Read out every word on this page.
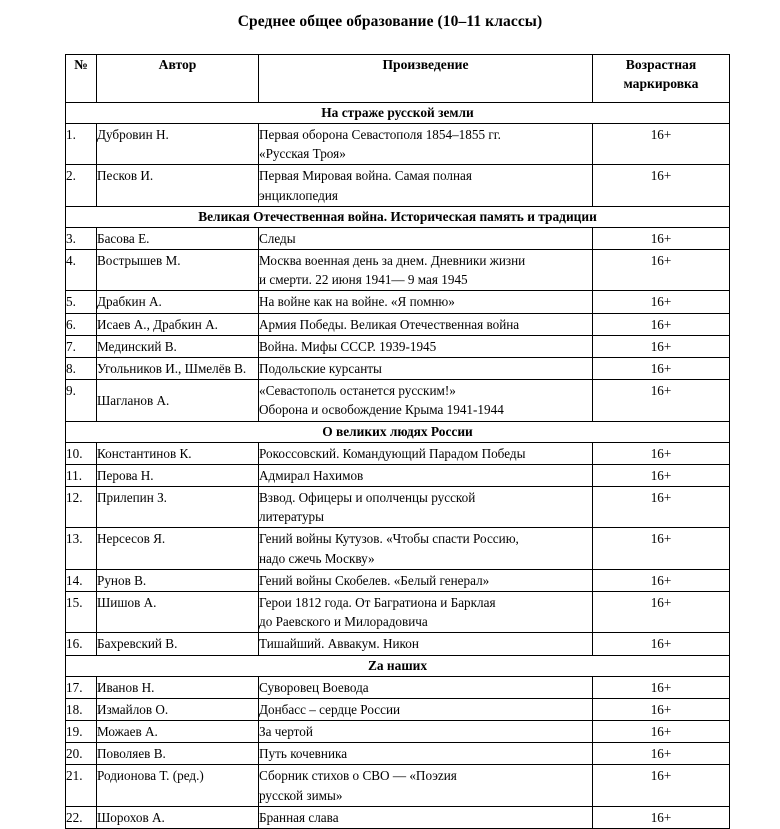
Среднее общее образование (10–11 классы)
№	Автор	Произведение	Возрастная маркировка
На страже русской земли			
1.	Дубровин Н.	Первая оборона Севастополя 1854–1855 гг.
«Русская Троя»	16+
2.	Песков И.	Первая Мировая война. Самая полная
энциклопедия	16+
Великая Отечественная война. Историческая память и традиции			
3.	Басова Е.	Следы	16+
4.	Вострышев М.	Москва военная день за днем. Дневники жизни
и смерти. 22 июня 1941— 9 мая 1945	16+
5.	Драбкин А.	На войне как на войне. «Я помню»	16+
6.	Исаев А., Драбкин А.	Армия Победы. Великая Отечественная война	16+
7.	Мединский В.	Война. Мифы СССР. 1939-1945	16+
8.	Угольников И., Шмелёв В.	Подольские курсанты	16+
9.	Шагланов А.	«Севастополь останется русским!»
Оборона и освобождение Крыма 1941-1944	16+
О великих людях России			
10.	Константинов К.	Рокоссовский. Командующий Парадом Победы	16+
11.	Перова Н.	Адмирал Нахимов	16+
12.	Прилепин З.	Взвод. Офицеры и ополченцы русской
литературы	16+
13.	Нерсесов Я.	Гений войны Кутузов. «Чтобы спасти Россию,
надо сжечь Москву»	16+
14.	Рунов В.	Гений войны Скобелев. «Белый генерал»	16+
15.	Шишов А.	Герои 1812 года. От Багратиона и Барклая
до Раевского и Милорадовича	16+
16.	Бахревский В.	Тишайший. Аввакум. Никон	16+
Za наших			
17.	Иванов Н.	Суворовец Воевода	16+
18.	Измайлов О.	Донбасс – сердце России	16+
19.	Можаев А.	За чертой	16+
20.	Поволяев В.	Путь кочевника	16+
21.	Родионова Т. (ред.)	Сборник стихов о СВО — «Поэzия
русской зимы»	16+
22.	Шорохов А.	Бранная слава	16+
